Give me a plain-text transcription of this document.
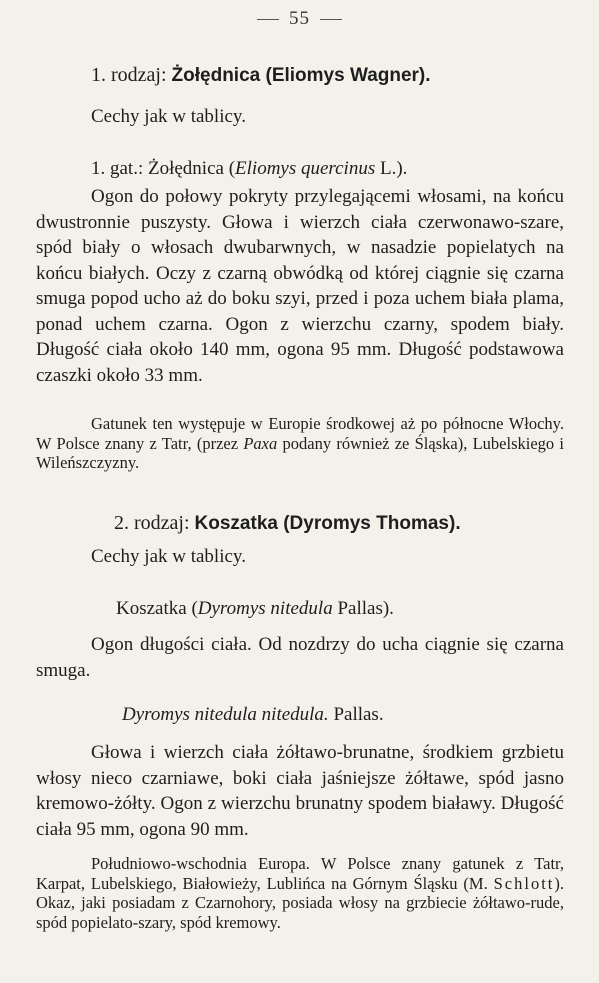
55
1. rodzaj: Żołędnica (Eliomys Wagner).
Cechy jak w tablicy.
1. gat.: Żołędnica (Eliomys quercinus L.).
Ogon do połowy pokryty przylegającemi włosami, na końcu dwustronnie puszysty. Głowa i wierzch ciała czerwonawo-szare, spód biały o włosach dwubarwnych, w nasadzie popielatych na końcu białych. Oczy z czarną obwódką od której ciągnie się czarna smuga popod ucho aż do boku szyi, przed i poza uchem biała plama, ponad uchem czarna. Ogon z wierzchu czarny, spodem biały. Długość ciała około 140 mm, ogona 95 mm. Długość podstawowa czaszki około 33 mm.
Gatunek ten występuje w Europie środkowej aż po północne Włochy. W Polsce znany z Tatr, (przez Paxa podany również ze Śląska), Lubelskiego i Wileńszczyzny.
2. rodzaj: Koszatka (Dyromys Thomas).
Cechy jak w tablicy.
Koszatka (Dyromys nitedula Pallas).
Ogon długości ciała. Od nozdrzy do ucha ciągnie się czarna smuga.
Dyromys nitedula nitedula. Pallas.
Głowa i wierzch ciała żółtawo-brunatne, środkiem grzbietu włosy nieco czarniawe, boki ciała jaśniejsze żółtawe, spód jasno kremowo-żółty. Ogon z wierzchu brunatny spodem białawy. Długość ciała 95 mm, ogona 90 mm.
Południowo-wschodnia Europa. W Polsce znany gatunek z Tatr, Karpat, Lubelskiego, Białowieży, Lublińca na Górnym Śląsku (M. Schlott). Okaz, jaki posiadam z Czarnohory, posiada włosy na grzbiecie żółtawo-rude, spód popielato-szary, spód kremowy.
